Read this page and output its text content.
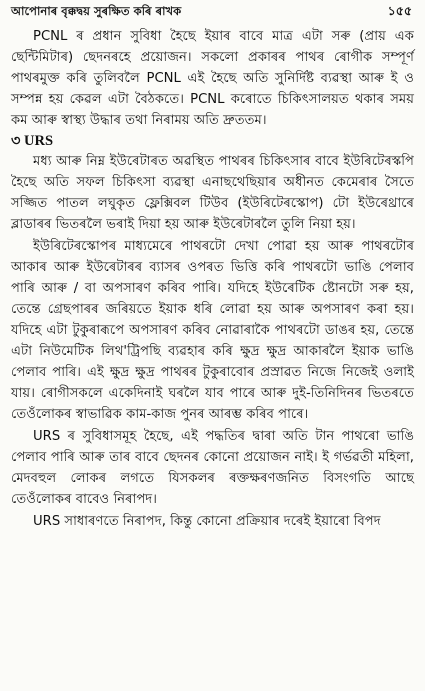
আপোনাৰ বৃক্কদ্বয় সুৰক্ষিত কৰি ৰাখক	১৫৫

PCNL ৰ প্ৰধান সুবিধা হৈছে ইয়াৰ বাবে মাত্ৰ এটা সৰু (প্ৰায় এক ছেন্টিমিটাৰ) ছেদনৰহে প্ৰয়োজন। সকলো প্ৰকাৰৰ পাথৰ ৰোগীক সম্পূৰ্ণ পাথৰমুক্ত কৰি তুলিবলৈ PCNL এই হৈছে অতি সুনিৰ্দিষ্ট ব্যৱস্থা আৰু ই ও সম্পন্ন হয় কেৱল এটা বৈঠকতে। PCNL কৰোতে চিকিৎসালয়ত থকাৰ সময় কম আৰু স্বাস্থ্য উদ্ধাৰ তথা নিৰাময় অতি দ্ৰুততম।

৩ URS

মধ্য আৰু নিম্ন ইউৰেটাৰত অৱস্থিত পাথৰৰ চিকিৎসাৰ বাবে ইউৰিটেৰস্কপি হৈছে অতি সফল চিকিৎসা ব্যৱস্থা এনাছথেছিয়াৰ অধীনত কেমেৰাৰ সৈতে সজ্জিত পাতল লঘুকৃত ফ্লেক্সিবল টিউব (ইউৰিটেৰস্কোপ) টো ইউৰেথ্ৰাৰে ব্লাডাৰৰ ভিতৰলৈ ভৰাই দিয়া হয় আৰু ইউৰেটাৰলৈ তুলি নিয়া হয়।

ইউৰিটেৰস্কোপৰ মাধ্যমেৰে পাথৰটো দেখা পোৱা হয় আৰু পাথৰটোৰ আকাৰ আৰু ইউৰেটাৰৰ ব্যাসৰ ওপৰত ভিত্তি কৰি পাথৰটো ভাঙি পেলাব পাৰি আৰু / বা অপসাৰণ কৰিব পাৰি। যদিহে ইউৰেটিক ষ্টোনটো সৰু হয়, তেন্তে গ্ৰেছপাৰৰ জৰিয়তে ইয়াক ধৰি লোৱা হয় আৰু অপসাৰণ কৰা হয়। যদিহে এটা টুকুৰাৰূপে অপসাৰণ কৰিব নোৱাৰাকৈ পাথৰটো ডাঙৰ হয়, তেন্তে এটা নিউমেটিক লিথ'ট্ৰিপছি ব্যৱহাৰ কৰি ক্ষুদ্ৰ ক্ষুদ্ৰ আকাৰলৈ ইয়াক ভাঙি পেলাব পাৰি। এই ক্ষুদ্ৰ ক্ষুদ্ৰ পাথৰৰ টুকুৰাবোৰ প্ৰস্ৰাৱত নিজে নিজেই ওলাই যায়। ৰোগীসকলে একেদিনাই ঘৰলৈ যাব পাৰে আৰু দুই-তিনিদিনৰ ভিতৰতে তেওঁলোকৰ স্বাভাৱিক কাম-কাজ পুনৰ আৰম্ভ কৰিব পাৰে।

URS ৰ সুবিধাসমূহ হৈছে, এই পদ্ধতিৰ দ্বাৰা অতি টান পাথৰো ভাঙি পেলাব পাৰি আৰু তাৰ বাবে ছেদনৰ কোনো প্ৰয়োজন নাই। ই গৰ্ভৱতী মহিলা, মেদবহুল লোকৰ লগতে যিসকলৰ ৰক্তক্ষৰণজনিত বিসংগতি আছে তেওঁলোকৰ বাবেও নিৰাপদ।

URS সাধাৰণতে নিৰাপদ, কিন্তু কোনো প্ৰক্ৰিয়াৰ দৰেই ইয়াৰো বিপদ
